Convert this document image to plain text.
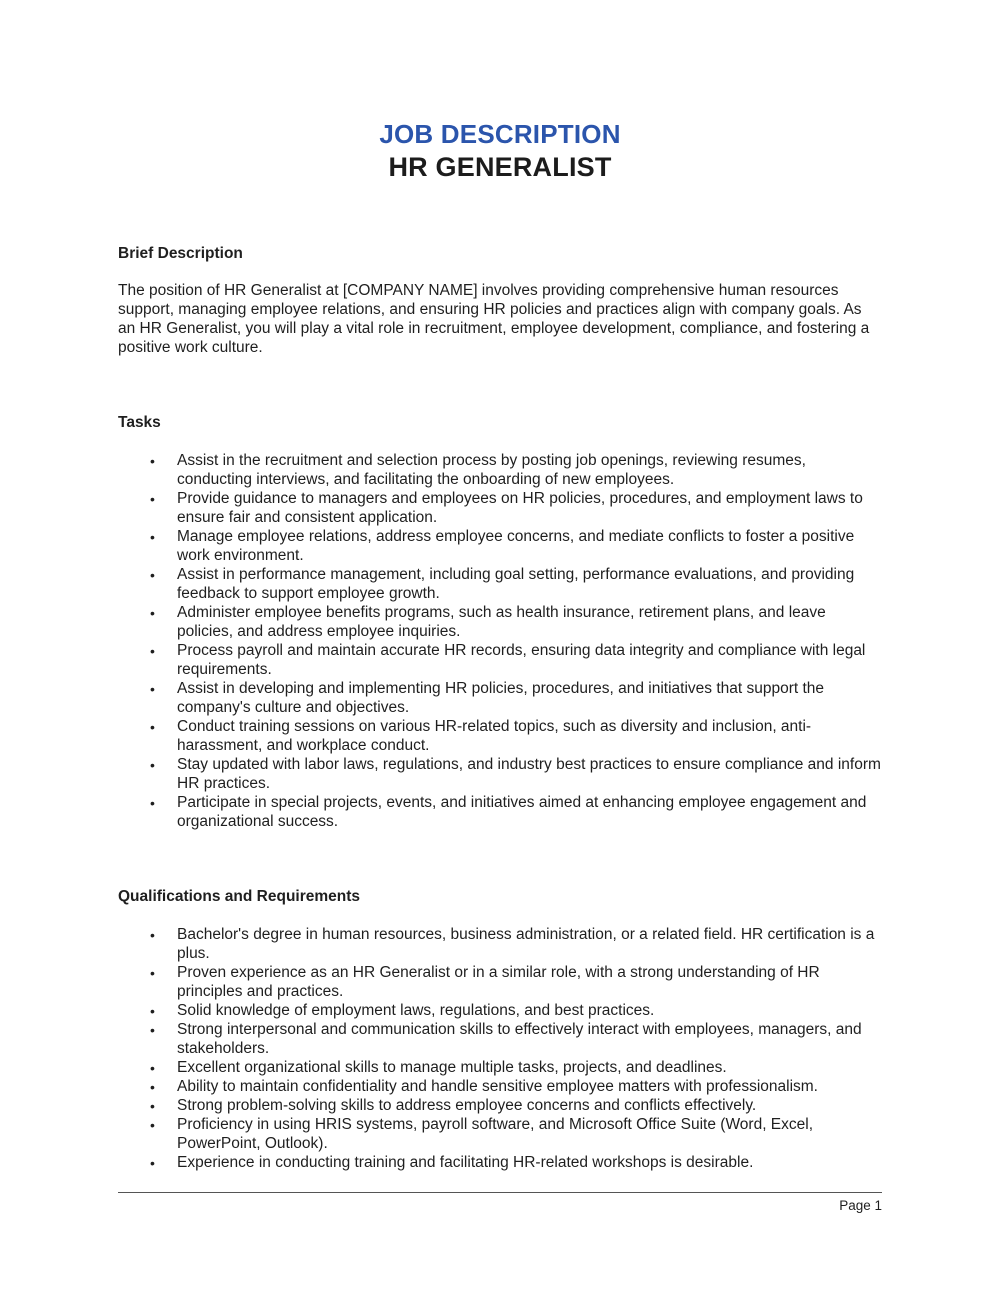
JOB DESCRIPTION
HR GENERALIST
Brief Description
The position of HR Generalist at [COMPANY NAME] involves providing comprehensive human resources support, managing employee relations, and ensuring HR policies and practices align with company goals. As an HR Generalist, you will play a vital role in recruitment, employee development, compliance, and fostering a positive work culture.
Tasks
• Assist in the recruitment and selection process by posting job openings, reviewing resumes, conducting interviews, and facilitating the onboarding of new employees.
• Provide guidance to managers and employees on HR policies, procedures, and employment laws to ensure fair and consistent application.
• Manage employee relations, address employee concerns, and mediate conflicts to foster a positive work environment.
• Assist in performance management, including goal setting, performance evaluations, and providing feedback to support employee growth.
• Administer employee benefits programs, such as health insurance, retirement plans, and leave policies, and address employee inquiries.
• Process payroll and maintain accurate HR records, ensuring data integrity and compliance with legal requirements.
• Assist in developing and implementing HR policies, procedures, and initiatives that support the company's culture and objectives.
• Conduct training sessions on various HR-related topics, such as diversity and inclusion, anti-harassment, and workplace conduct.
• Stay updated with labor laws, regulations, and industry best practices to ensure compliance and inform HR practices.
• Participate in special projects, events, and initiatives aimed at enhancing employee engagement and organizational success.
Qualifications and Requirements
• Bachelor's degree in human resources, business administration, or a related field. HR certification is a plus.
• Proven experience as an HR Generalist or in a similar role, with a strong understanding of HR principles and practices.
• Solid knowledge of employment laws, regulations, and best practices.
• Strong interpersonal and communication skills to effectively interact with employees, managers, and stakeholders.
• Excellent organizational skills to manage multiple tasks, projects, and deadlines.
• Ability to maintain confidentiality and handle sensitive employee matters with professionalism.
• Strong problem-solving skills to address employee concerns and conflicts effectively.
• Proficiency in using HRIS systems, payroll software, and Microsoft Office Suite (Word, Excel, PowerPoint, Outlook).
• Experience in conducting training and facilitating HR-related workshops is desirable.
Page 1
